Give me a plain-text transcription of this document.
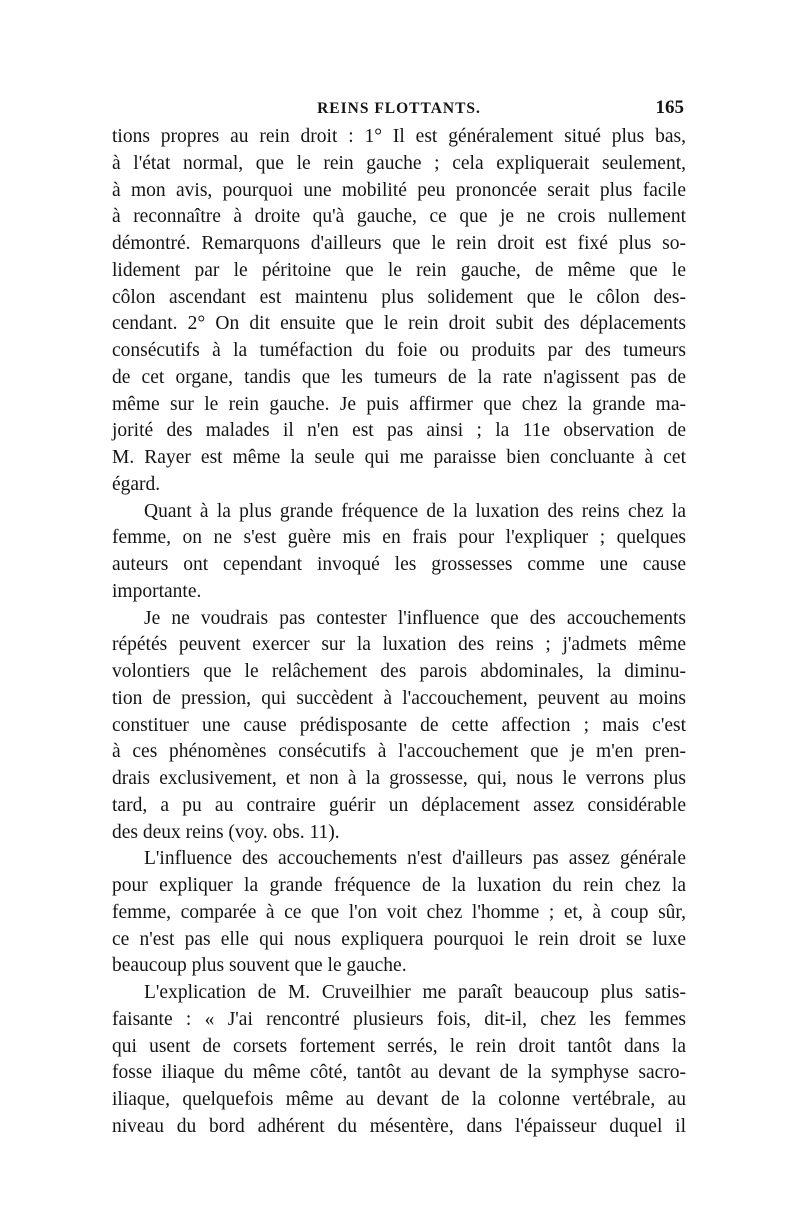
REINS FLOTTANTS.	165

tions propres au rein droit : 1° Il est généralement situé plus bas,

à l'état normal, que le rein gauche ; cela expliquerait seulement,

à mon avis, pourquoi une mobilité peu prononcée serait plus facile

à reconnaître à droite qu'à gauche, ce que je ne crois nullement

démontré. Remarquons d'ailleurs que le rein droit est fixé plus so-

lidement par le péritoine que le rein gauche, de même que le

côlon ascendant est maintenu plus solidement que le côlon des-

cendant. 2° On dit ensuite que le rein droit subit des déplacements

consécutifs à la tuméfaction du foie ou produits par des tumeurs

de cet organe, tandis que les tumeurs de la rate n'agissent pas de

même sur le rein gauche. Je puis affirmer que chez la grande ma-

jorité des malades il n'en est pas ainsi ; la 11e observation de

M. Rayer est même la seule qui me paraisse bien concluante à cet

égard.

Quant à la plus grande fréquence de la luxation des reins chez la

femme, on ne s'est guère mis en frais pour l'expliquer ; quelques

auteurs ont cependant invoqué les grossesses comme une cause

importante.

Je ne voudrais pas contester l'influence que des accouchements

répétés peuvent exercer sur la luxation des reins ; j'admets même

volontiers que le relâchement des parois abdominales, la diminu-

tion de pression, qui succèdent à l'accouchement, peuvent au moins

constituer une cause prédisposante de cette affection ; mais c'est

à ces phénomènes consécutifs à l'accouchement que je m'en pren-

drais exclusivement, et non à la grossesse, qui, nous le verrons plus

tard, a pu au contraire guérir un déplacement assez considérable

des deux reins (voy. obs. 11).

L'influence des accouchements n'est d'ailleurs pas assez générale

pour expliquer la grande fréquence de la luxation du rein chez la

femme, comparée à ce que l'on voit chez l'homme ; et, à coup sûr,

ce n'est pas elle qui nous expliquera pourquoi le rein droit se luxe

beaucoup plus souvent que le gauche.

L'explication de M. Cruveilhier me paraît beaucoup plus satis-

faisante : « J'ai rencontré plusieurs fois, dit-il, chez les femmes

qui usent de corsets fortement serrés, le rein droit tantôt dans la

fosse iliaque du même côté, tantôt au devant de la symphyse sacro-

iliaque, quelquefois même au devant de la colonne vertébrale, au

niveau du bord adhérent du mésentère, dans l'épaisseur duquel il
